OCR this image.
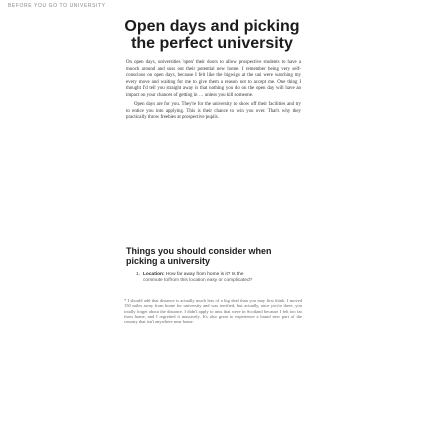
BEFORE YOU GO TO UNIVERSITY
Open days and picking
the perfect university

On open days, universities 'open' their doors to allow prospective students to have a mooch around and suss out their potential new home. I remember being very self-conscious on open days, because I felt like the bigwigs at the uni were watching my every move and waiting for me to give them a reason not to accept me. One thing I thought I'd tell you straight away is that nothing you do on the open day will have an impact on your chances of getting in … unless you kill someone.

Open days are for you. They're for the university to show off their facilities and try to entice you into applying. This is their chance to win you over. That's why they practically throw freebies at prospective pupils.

Things you should consider when
picking a university
1. Location: How far away from home is it? Is the
commute to/from this location easy or complicated?

* I should add that distance is actually much less of a big deal than you may first think. I moved 150 miles away from home for university and was terrified, but actually, once you're there, you totally forget about the distance. I didn't apply to unis that were in Scotland because I felt too far from home, and I regretted it massively. It's also great to experience a brand new part of the country that isn't anywhere near home.
